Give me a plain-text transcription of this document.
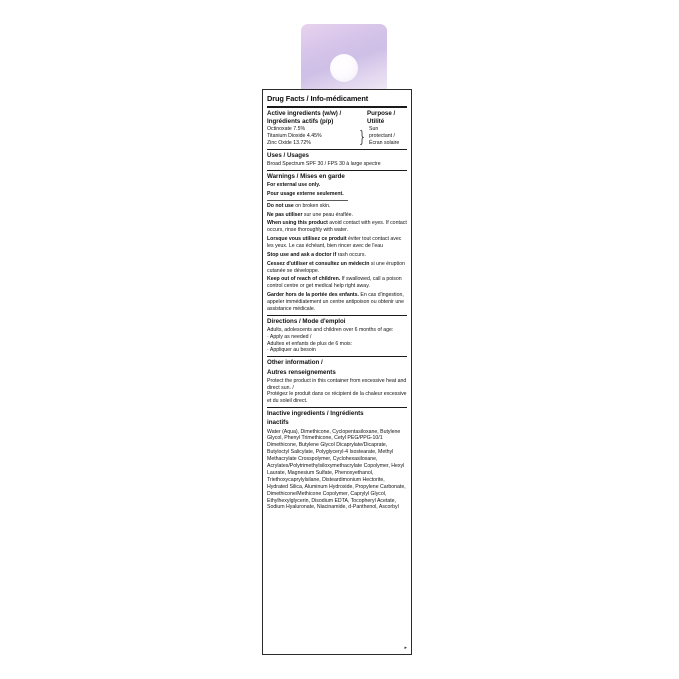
Drug Facts / Info-médicament
Active ingredients (w/w) /
Ingrédients actifs (p/p)
Purpose /
Utilité
Octinoxate 7.5%
Titanium Dioxide 4.45%
Zinc Oxide 13.72%	} Sun
protectant /
Écran solaire
Uses / Usages
Broad Spectrum SPF 30 / FPS 30 à large spectre
Warnings / Mises en garde
For external use only.
Pour usage externe seulement.
Do not use on broken skin.
Ne pas utiliser sur une peau éraflée.
When using this product avoid contact with eyes. If contact occurs, rinse thoroughly with water.
Lorsque vous utilisez ce produit éviter tout contact avec les yeux. Le cas échéant, bien rincer avec de l'eau
Stop use and ask a doctor if rash occurs.
Cessez d'utiliser et consultez un médecin si une éruption cutanée se développe.
Keep out of reach of children. If swallowed, call a poison control centre or get medical help right away.
Garder hors de la portée des enfants. En cas d'ingestion, appeler immédiatement un centre antipoison ou obtenir une assistance médicale.
Directions / Mode d'emploi
Adults, adolescents and children over 6 months of age:
· Apply as needed /
Adultes et enfants de plus de 6 mois:
· Appliquer au besoin
Other information /
Autres renseignements
Protect the product in this container from excessive heat and direct sun. /
Protégez le produit dans ce récipient de la chaleur excessive et du soleil direct.
Inactive ingredients / Ingrédients
inactifs
Water (Aqua), Dimethicone, Cyclopentasiloxane, Butylene Glycol, Phenyl Trimethicone, Cetyl PEG/PPG-10/1 Dimethicone, Butylene Glycol Dicaprylate/Dicaprate, Butyloctyl Salicylate, Polyglyceryl-4 Isostearate, Methyl Methacrylate Crosspolymer, Cyclohexasiloxane, Acrylates/Polytrimethylsiloxymethacrylate Copolymer, Hexyl Laurate, Magnesium Sulfate, Phenoxyethanol, Triethoxycaprylylsilane, Disteardimonium Hectorite, Hydrated Silica, Aluminum Hydroxide, Propylene Carbonate, Dimethicone/Methicone Copolymer, Caprylyl Glycol, Ethylhexylglycerin, Disodium EDTA, Tocopheryl Acetate, Sodium Hyaluronate, Niacinamide, d-Panthenol, Ascorbyl
▸
